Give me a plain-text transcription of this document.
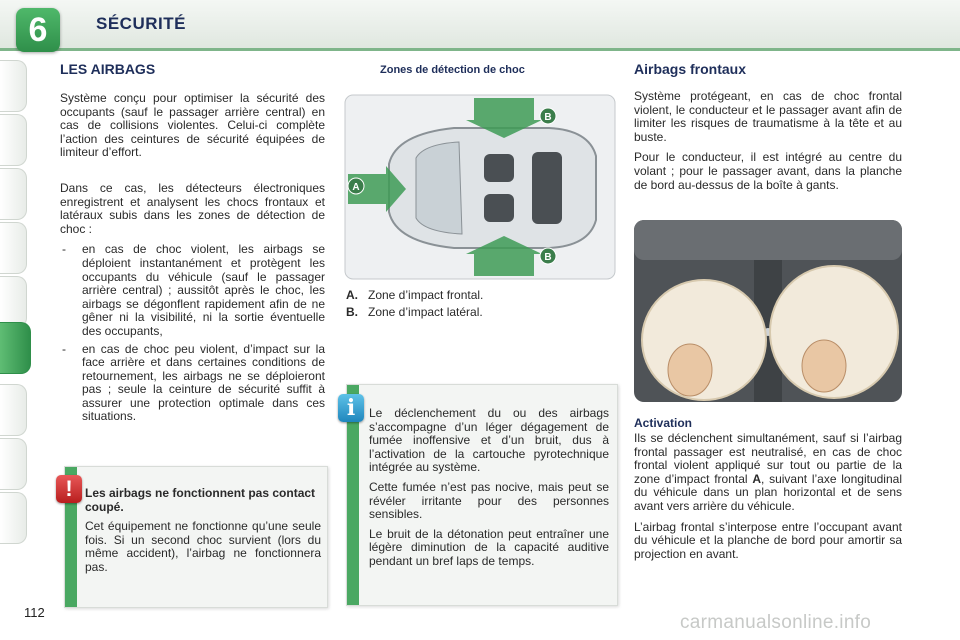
6	SÉCURITÉ
112
LES AIRBAGS

Système conçu pour optimiser la sécurité des occupants (sauf le passager arrière central) en cas de collisions violentes. Celui-ci complète l’action des ceintures de sécurité équipées de limiteur d’effort.

Dans ce cas, les détecteurs électroniques enregistrent et analysent les chocs frontaux et latéraux subis dans les zones de détection de choc :

- en cas de choc violent, les airbags se déploient instantanément et protègent les occupants du véhicule (sauf le passager arrière central) ; aussitôt après le choc, les airbags se dégonflent rapidement afin de ne gêner ni la visibilité, ni la sortie éventuelle des occupants,
- en cas de choc peu violent, d’impact sur la face arrière et dans certaines conditions de retournement, les airbags ne se déploieront pas ; seule la ceinture de sécurité suffit à assurer une protection optimale dans ces situations.

Les airbags ne fonctionnent pas contact coupé.

Cet équipement ne fonctionne qu’une seule fois. Si un second choc survient (lors du même accident), l’airbag ne fonctionnera pas.

!
Zones de détection de choc
A
B
B
A. Zone d’impact frontal.
B. Zone d’impact latéral.

Le déclenchement du ou des airbags s’accompagne d’un léger dégagement de fumée inoffensive et d’un bruit, dus à l’activation de la cartouche pyrotechnique intégrée au système.

Cette fumée n’est pas nocive, mais peut se révéler irritante pour des personnes sensibles.

Le bruit de la détonation peut entraîner une légère diminution de la capacité auditive pendant un bref laps de temps.

i
Airbags frontaux

Système protégeant, en cas de choc frontal violent, le conducteur et le passager avant afin de limiter les risques de traumatisme à la tête et au buste.

Pour le conducteur, il est intégré au centre du volant ; pour le passager avant, dans la planche de bord au-dessus de la boîte à gants.

Activation

Ils se déclenchent simultanément, sauf si l’airbag frontal passager est neutralisé, en cas de choc frontal violent appliqué sur tout ou partie de la zone d’impact frontal A, suivant l’axe longitudinal du véhicule dans un plan horizontal et de sens avant vers arrière du véhicule.

L’airbag frontal s’interpose entre l’occupant avant du véhicule et la planche de bord pour amortir sa projection en avant.

carmanualsonline.info
